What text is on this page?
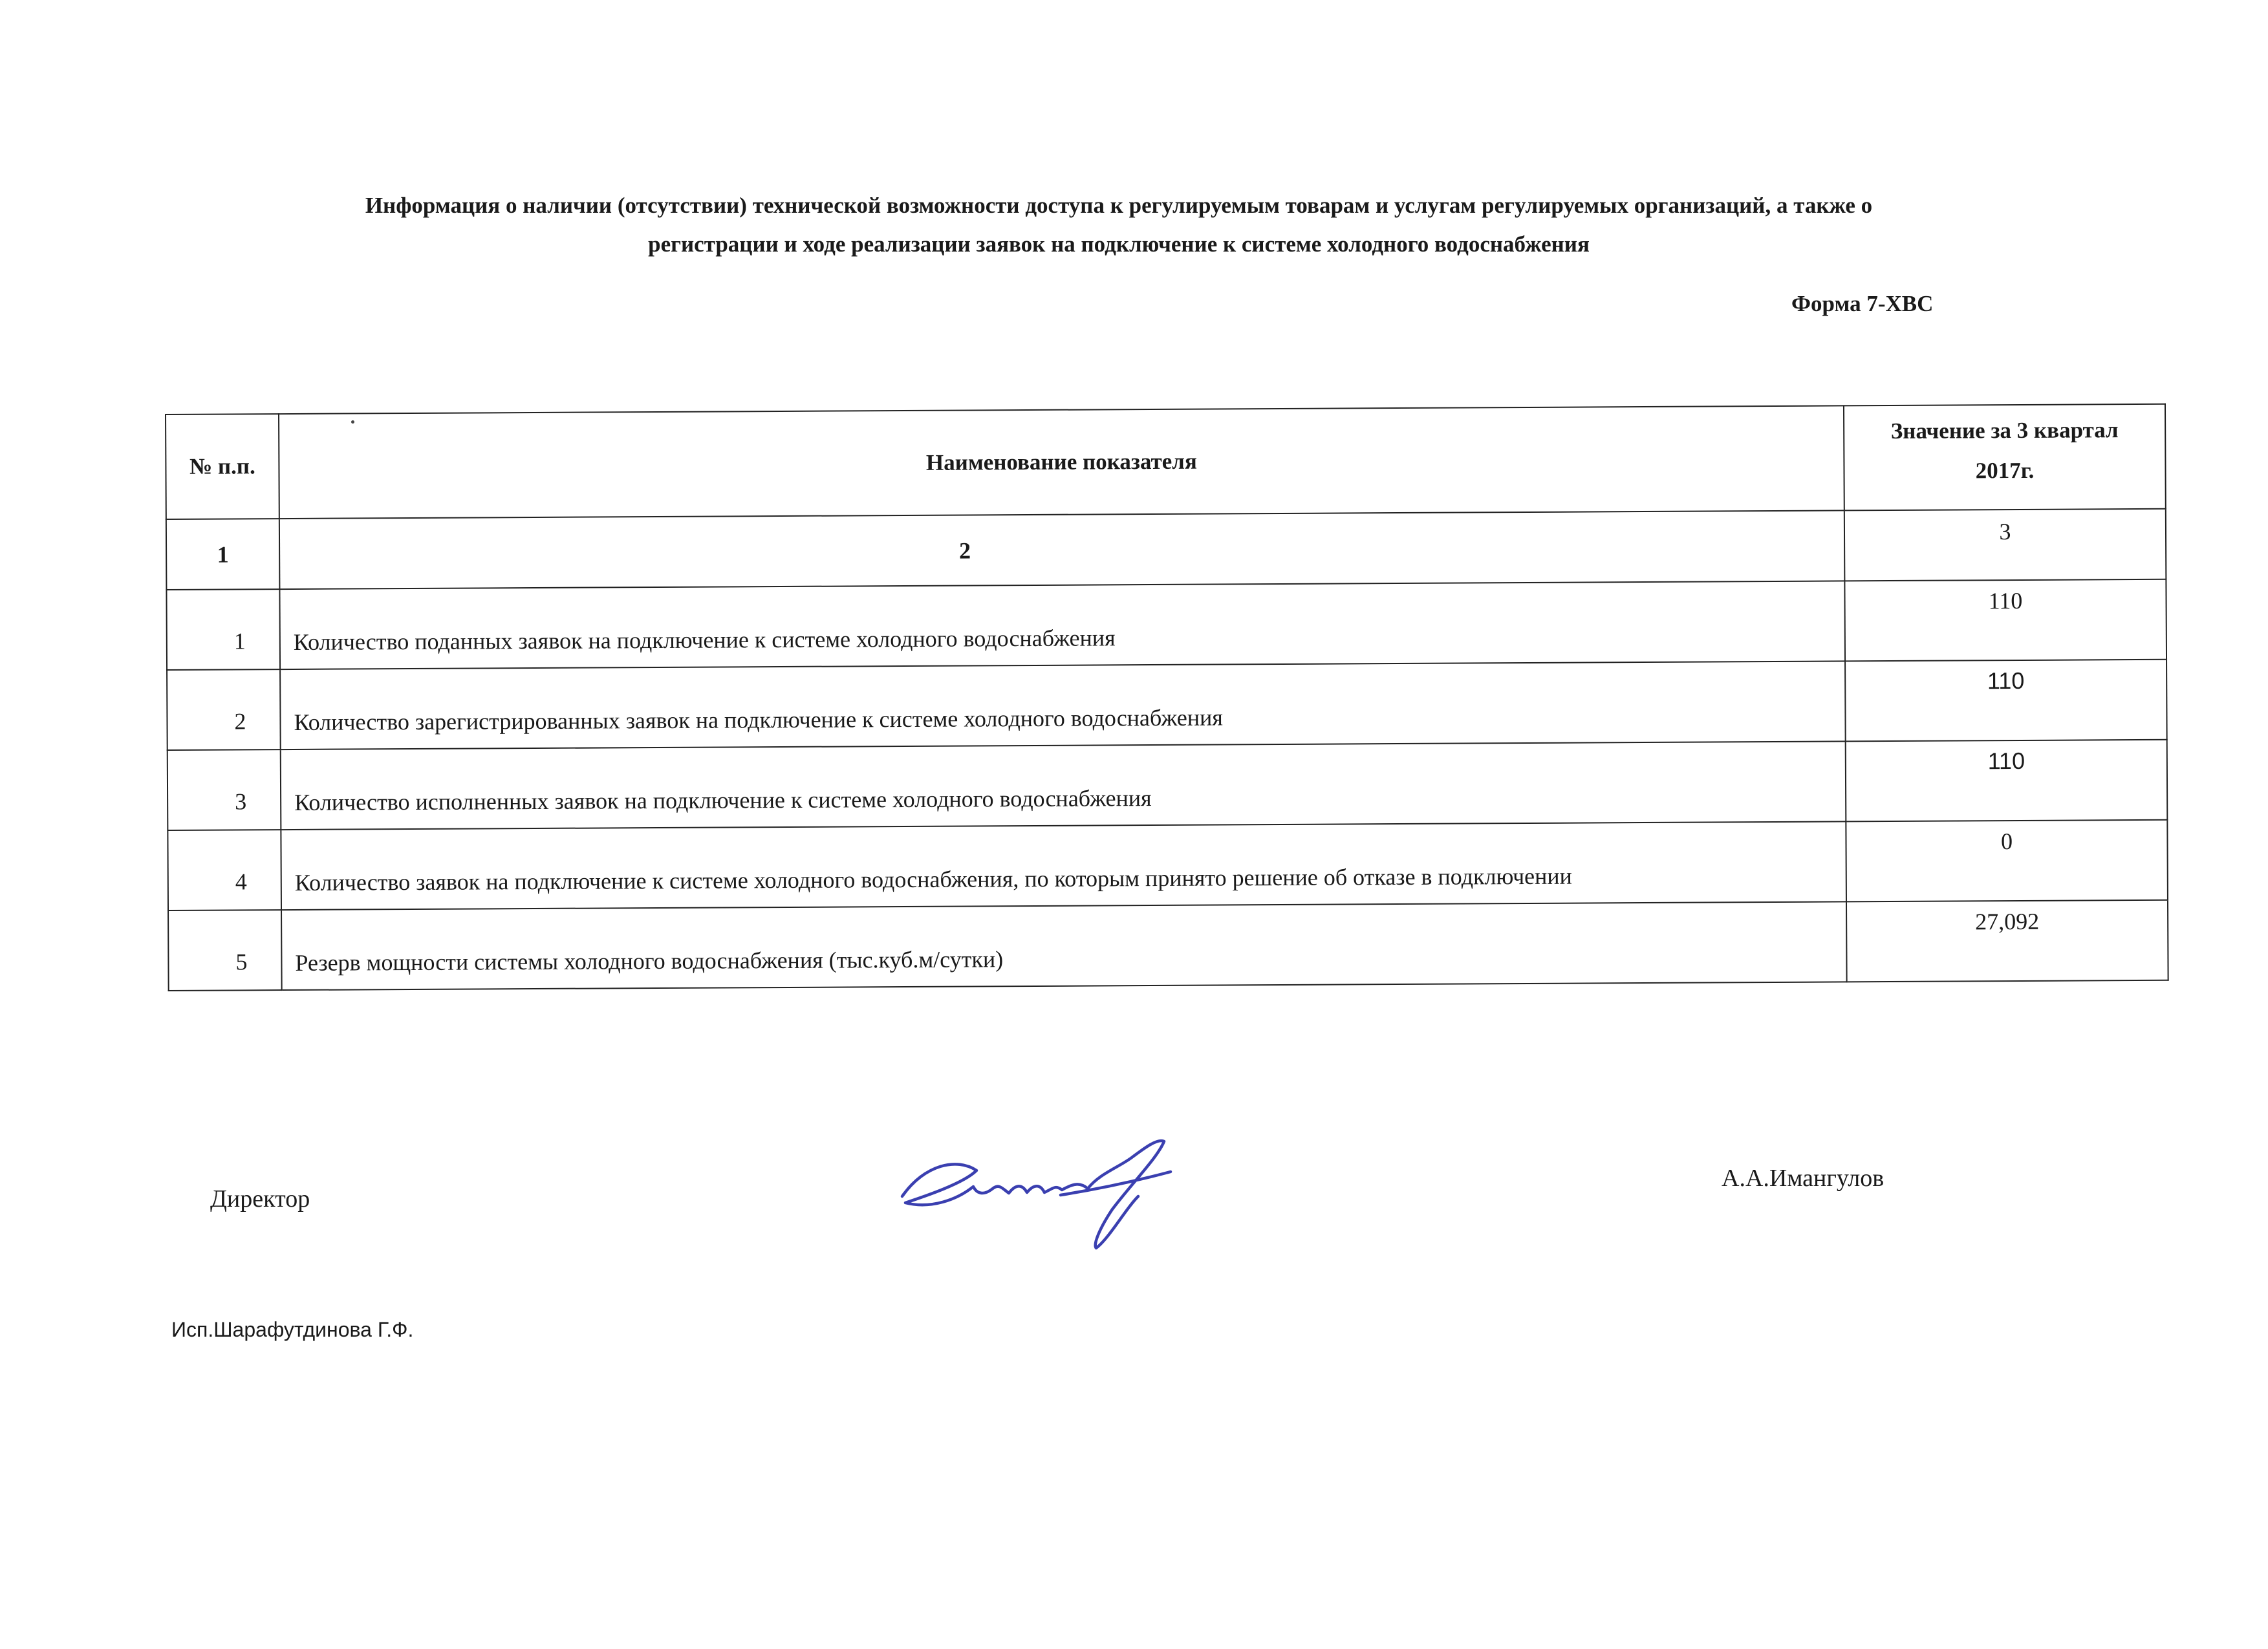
Информация о наличии (отсутствии) технической возможности доступа к регулируемым товарам и услугам регулируемых организаций, а также о
регистрации и ходе реализации заявок на подключение к системе холодного водоснабжения
Форма 7-ХВС
№ п.п.	Наименование показателя	Значение за 3 квартал
2017г.
1	2	3
1	Количество поданных заявок на подключение к системе холодного водоснабжения	110
2	Количество зарегистрированных заявок на подключение к системе холодного водоснабжения	110
3	Количество исполненных заявок на подключение к системе холодного водоснабжения	110
4	Количество заявок на подключение к системе холодного водоснабжения, по которым принято решение об отказе в подключении	0
5	Резерв мощности системы холодного водоснабжения (тыс.куб.м/сутки)	27,092
Директор
А.А.Имангулов
Исп.Шарафутдинова Г.Ф.
